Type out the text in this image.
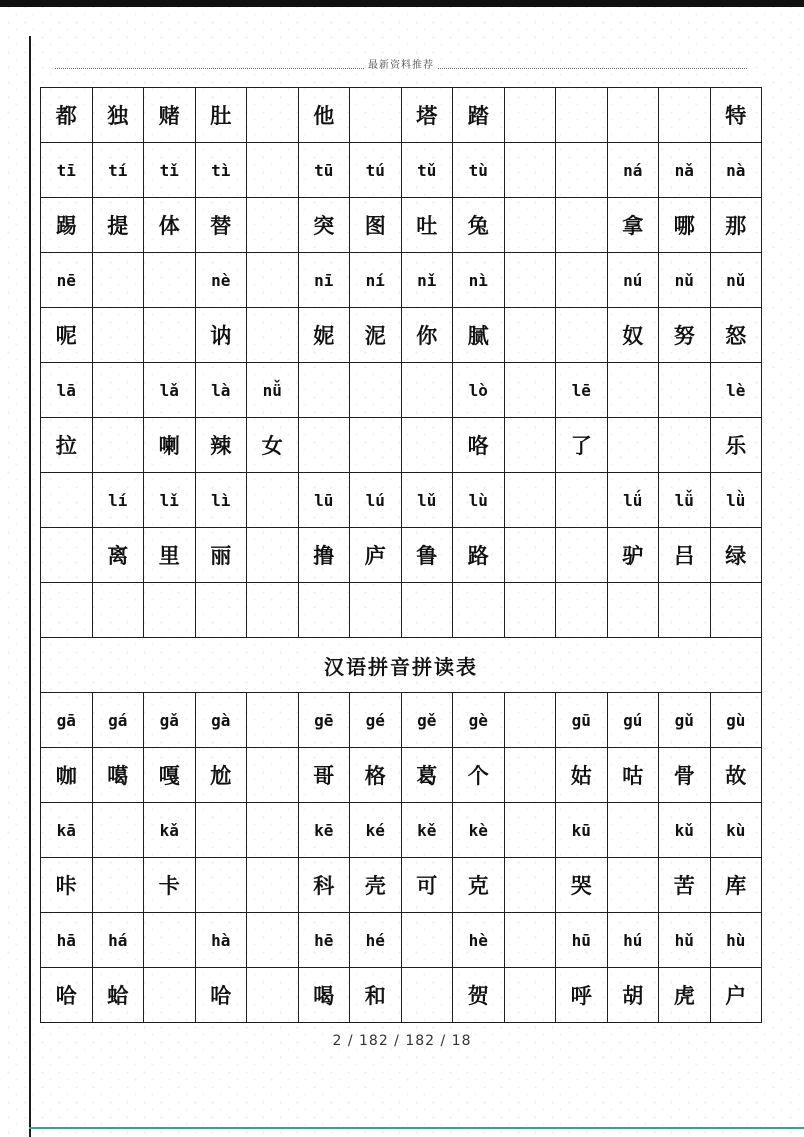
最新资料推荐
都	独	赌	肚		他		塔	踏					特
tī	tí	tǐ	tì		tū	tú	tǔ	tù			ná	nǎ	nà
踢	提	体	替		突	图	吐	兔			拿	哪	那
nē			nè		nī	ní	nǐ	nì			nú	nǔ	nǔ
呢			讷		妮	泥	你	腻			奴	努	怒
lā		lǎ	là	nǚ				lò		lē			lè
拉		喇	辣	女				咯		了			乐
	lí	lǐ	lì		lū	lú	lǔ	lù			lǘ	lǚ	lǜ
	离	里	丽		撸	庐	鲁	路			驴	吕	绿

汉语拼音拼读表													
gā	gá	gǎ	gà		gē	gé	gě	gè		gū	gú	gǔ	gù
咖	噶	嘎	尬		哥	格	葛	个		姑	咕	骨	故
kā		kǎ			kē	ké	kě	kè		kū		kǔ	kù
咔		卡			科	壳	可	克		哭		苦	库
hā	há		hà		hē	hé		hè		hū	hú	hǔ	hù
哈	蛤		哈		喝	和		贺		呼	胡	虎	户
2 / 182 / 182 / 18
